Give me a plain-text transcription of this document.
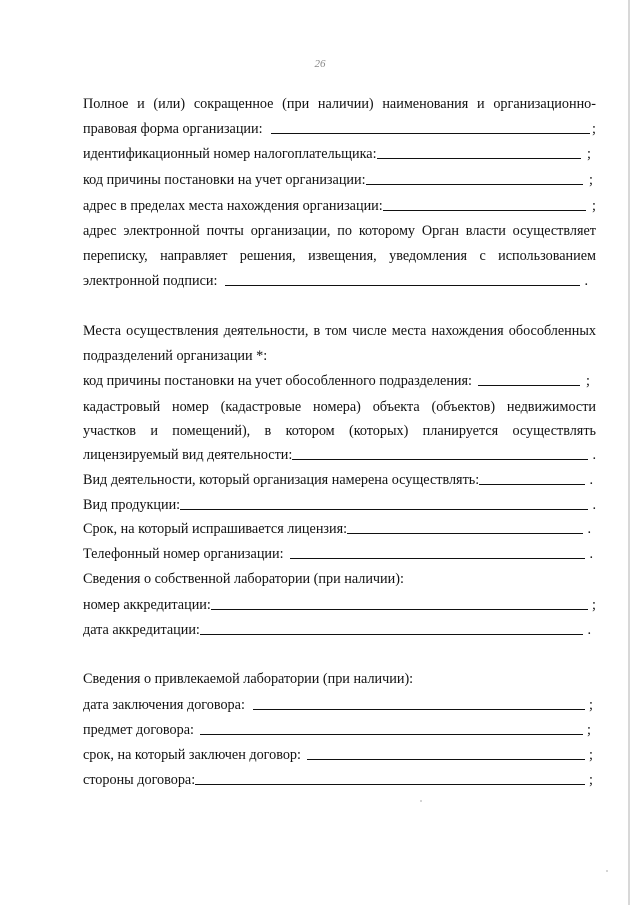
26
Полное и (или) сокращенное (при наличии) наименования и организационно-
правовая форма организации:	;
идентификационный номер налогоплательщика:	;
код причины постановки на учет организации:	;
адрес в пределах места нахождения организации:	;
адрес электронной почты организации, по которому Орган власти осуществляет
переписку, направляет решения, извещения, уведомления с использованием
электронной подписи:	.
Места осуществления деятельности, в том числе места нахождения обособленных
подразделений организации *:
код причины постановки на учет обособленного подразделения:	;
кадастровый номер (кадастровые номера) объекта (объектов) недвижимости
участков и помещений), в котором (которых) планируется осуществлять
лицензируемый вид деятельности:	.
Вид деятельности, который организация намерена осуществлять:	.
Вид продукции:	.
Срок, на который испрашивается лицензия:	.
Телефонный номер организации:	.
Сведения о собственной лаборатории (при наличии):
номер аккредитации:	;
дата аккредитации:	.
Сведения о привлекаемой лаборатории (при наличии):
дата заключения договора:	;
предмет договора:	;
срок, на который заключен договор:	;
стороны договора:	;
